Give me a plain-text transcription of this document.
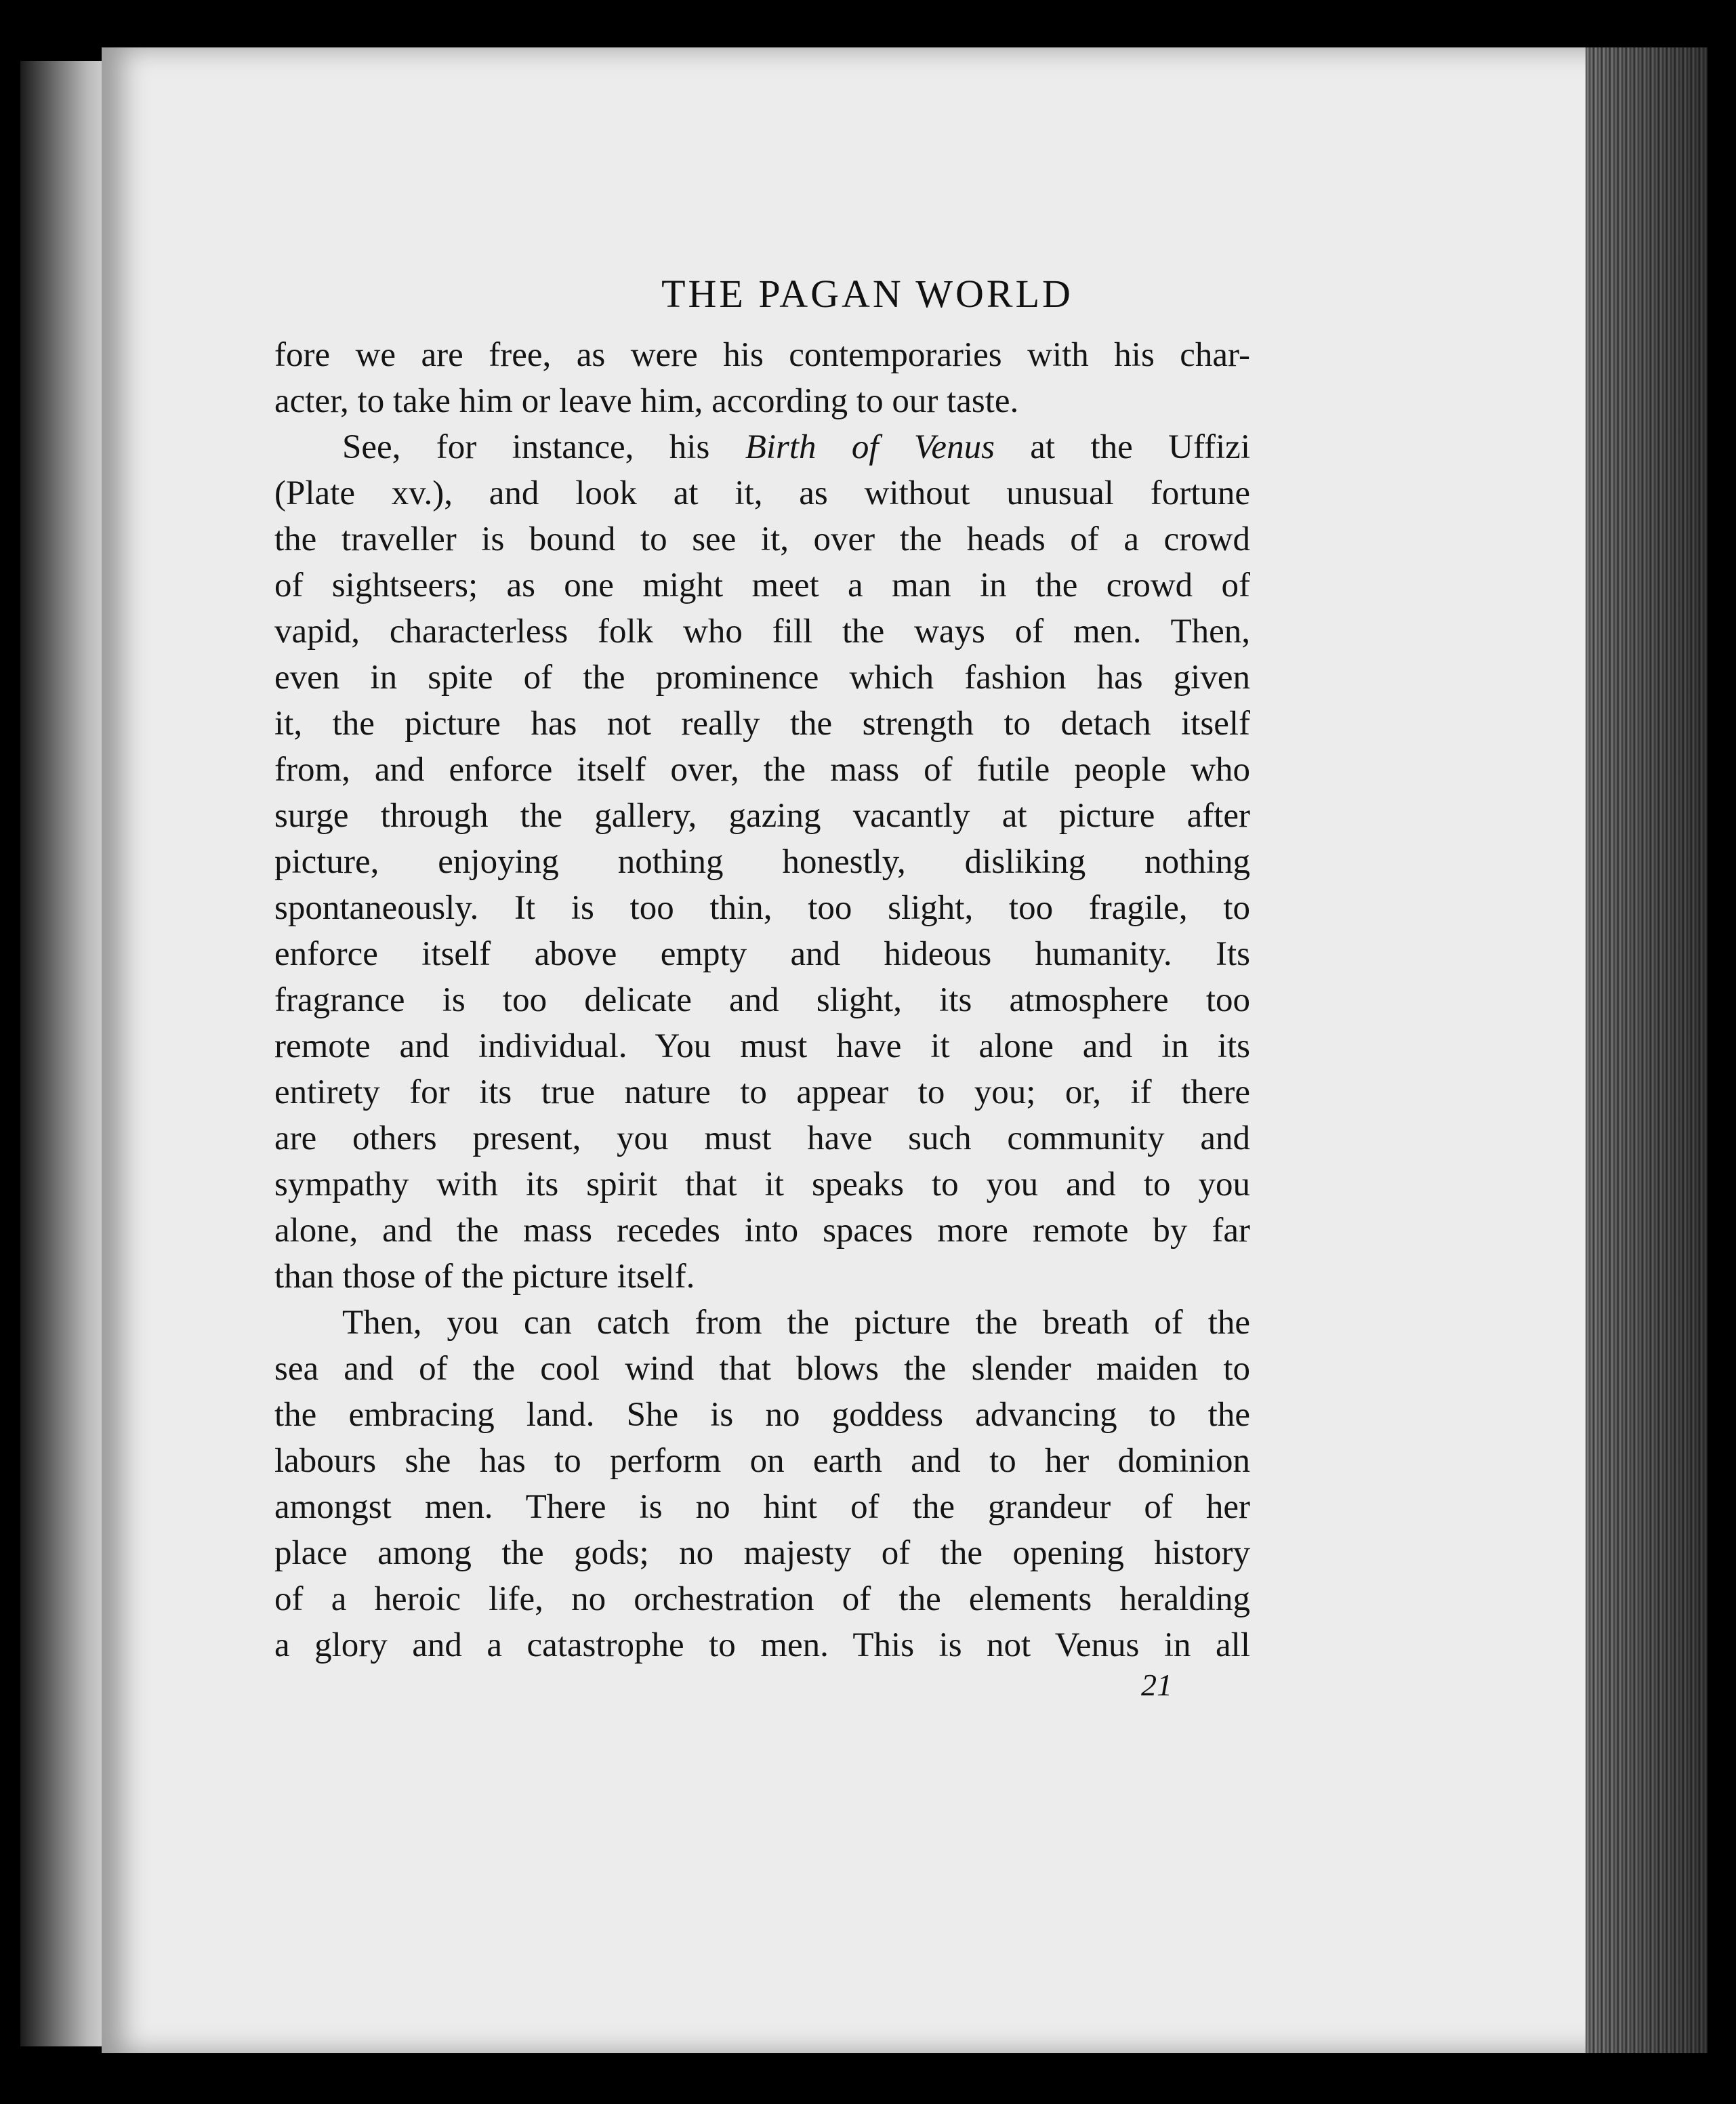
THE PAGAN WORLD
fore we are free, as were his contemporaries with his char-
acter, to take him or leave him, according to our taste.
See, for instance, his Birth of Venus at the Uffizi
(Plate xv.), and look at it, as without unusual fortune
the traveller is bound to see it, over the heads of a crowd
of sightseers; as one might meet a man in the crowd of
vapid, characterless folk who fill the ways of men. Then,
even in spite of the prominence which fashion has given
it, the picture has not really the strength to detach itself
from, and enforce itself over, the mass of futile people who
surge through the gallery, gazing vacantly at picture after
picture, enjoying nothing honestly, disliking nothing
spontaneously. It is too thin, too slight, too fragile, to
enforce itself above empty and hideous humanity. Its
fragrance is too delicate and slight, its atmosphere too
remote and individual. You must have it alone and in its
entirety for its true nature to appear to you; or, if there
are others present, you must have such community and
sympathy with its spirit that it speaks to you and to you
alone, and the mass recedes into spaces more remote by far
than those of the picture itself.
Then, you can catch from the picture the breath of the
sea and of the cool wind that blows the slender maiden to
the embracing land. She is no goddess advancing to the
labours she has to perform on earth and to her dominion
amongst men. There is no hint of the grandeur of her
place among the gods; no majesty of the opening history
of a heroic life, no orchestration of the elements heralding
a glory and a catastrophe to men. This is not Venus in all
21
